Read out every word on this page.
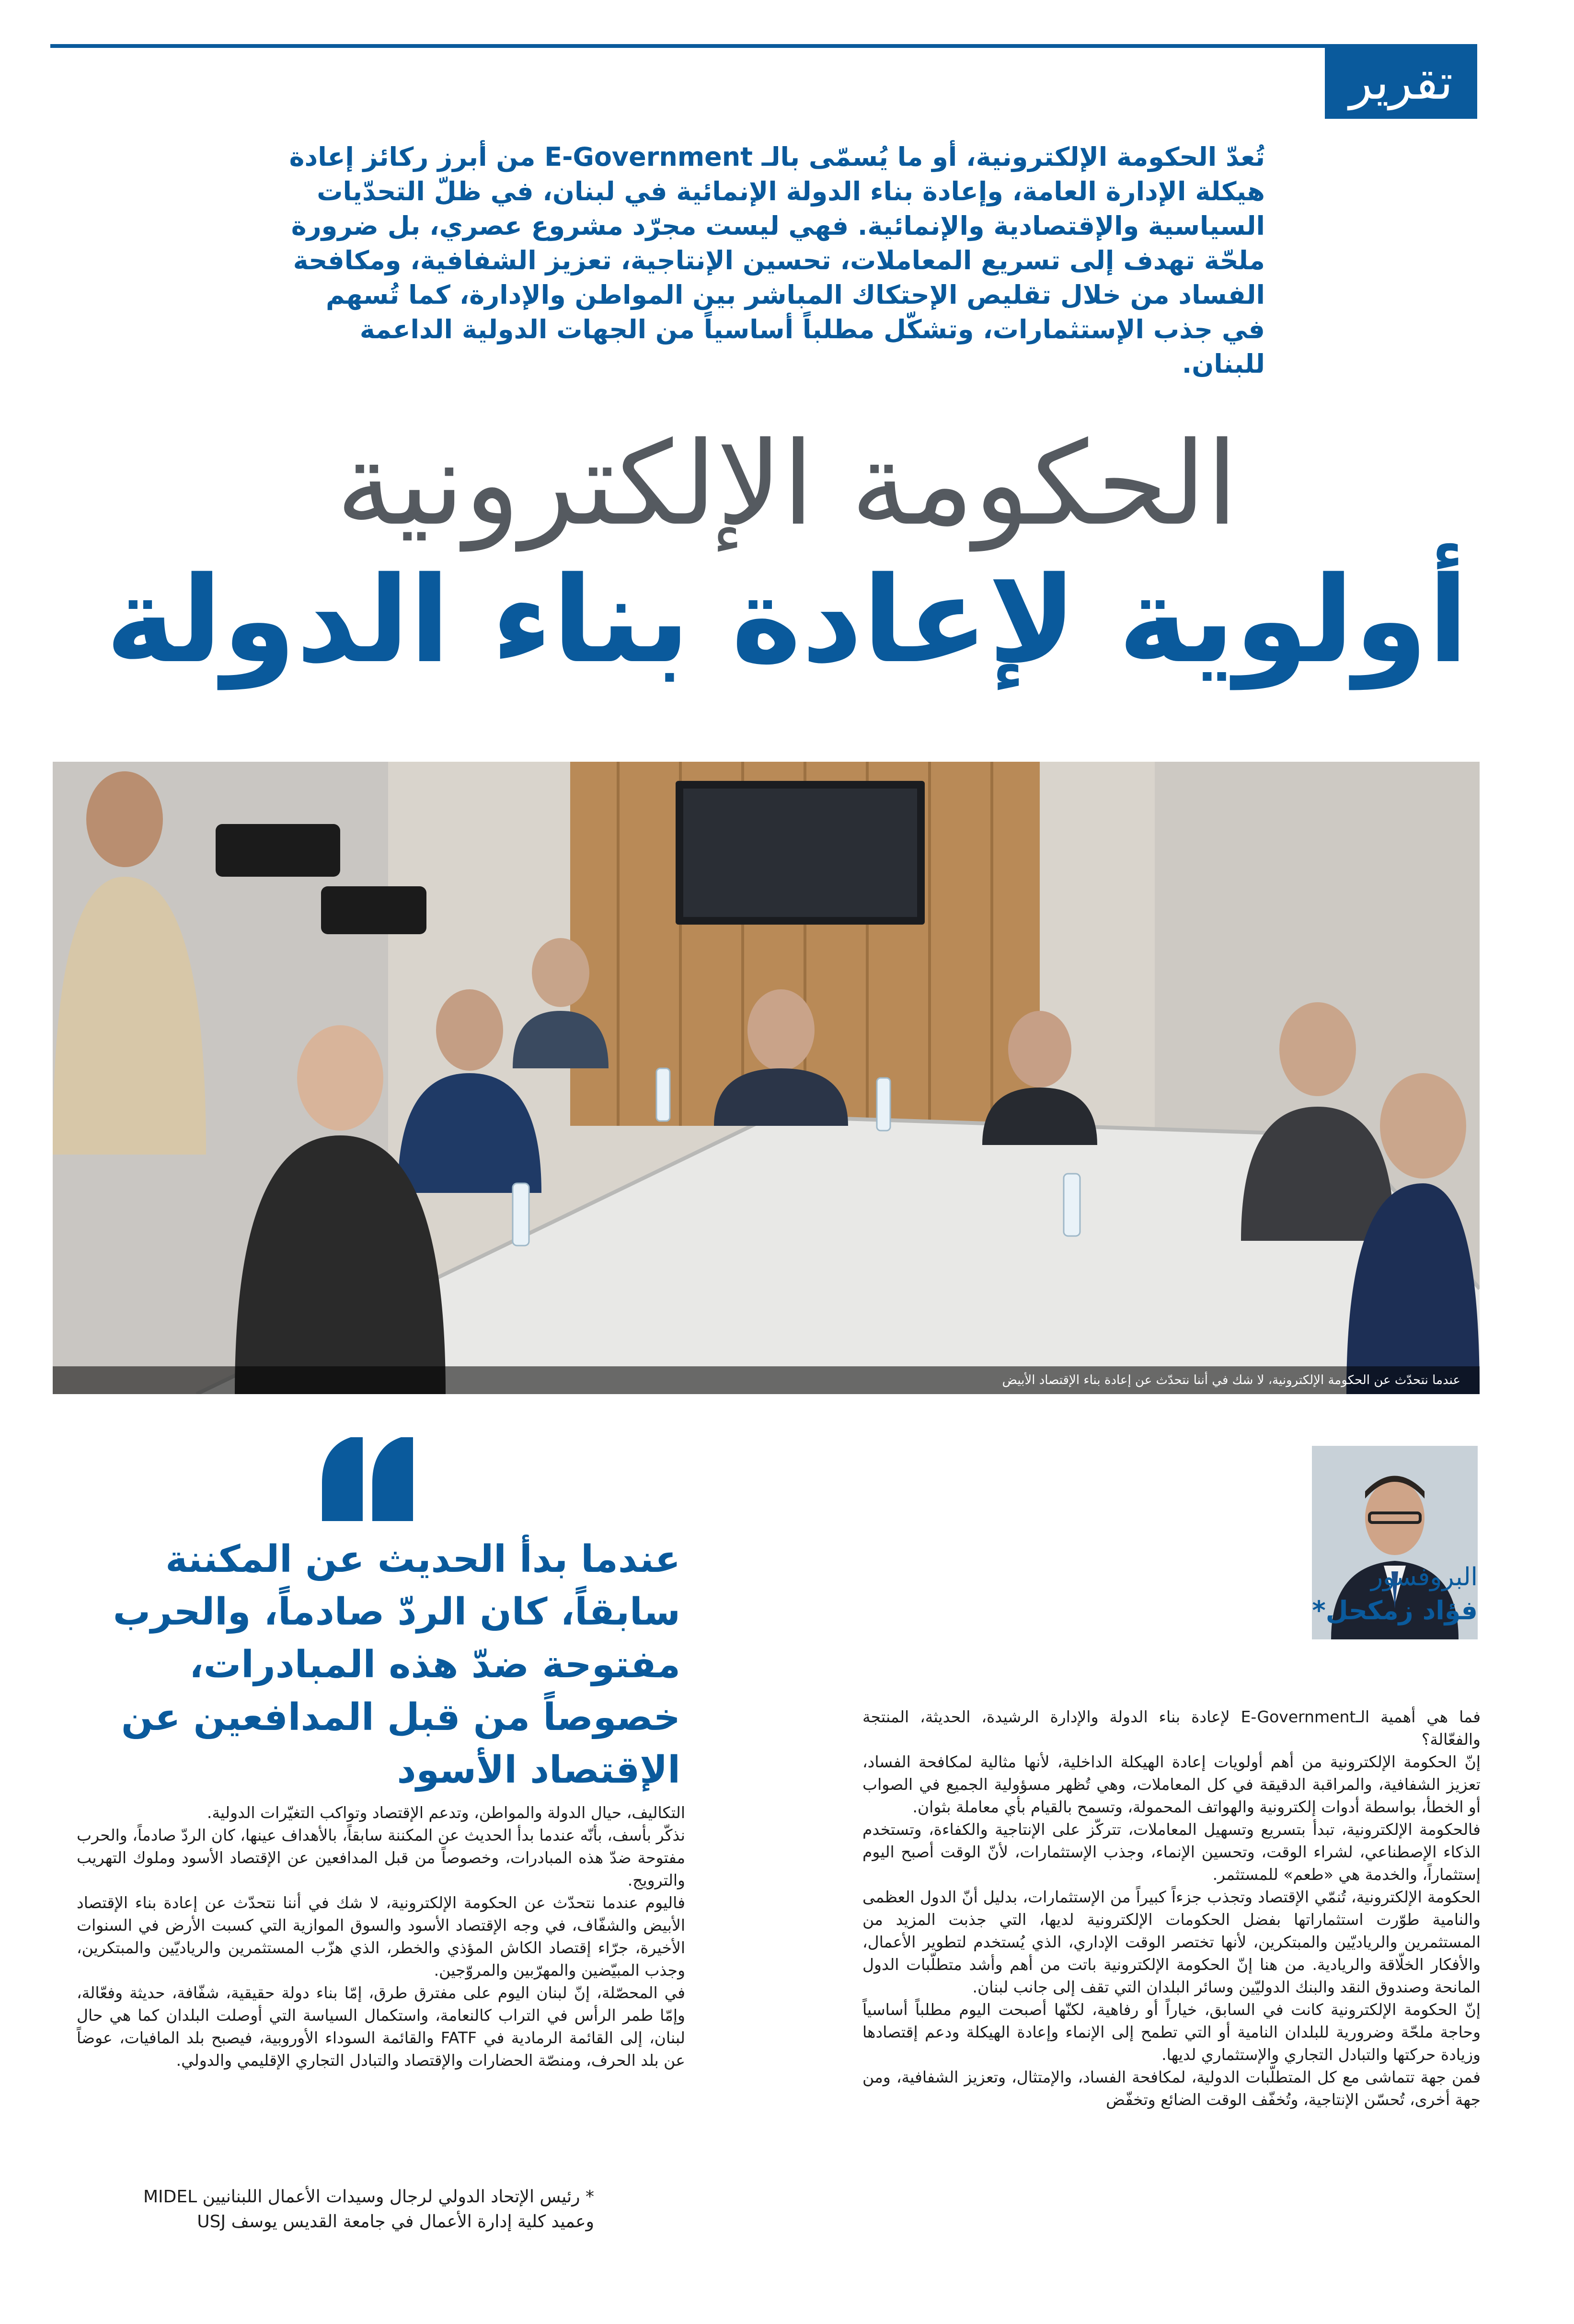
تقرير
تُعدّ الحكومة الإلكترونية، أو ما يُسمّى بالـ E-Government من أبرز ركائز إعادة هيكلة الإدارة العامة، وإعادة بناء الدولة الإنمائية في لبنان، في ظلّ التحدّيات السياسية والإقتصادية والإنمائية. فهي ليست مجرّد مشروع عصري، بل ضرورة ملحّة تهدف إلى تسريع المعاملات، تحسين الإنتاجية، تعزيز الشفافية، ومكافحة الفساد من خلال تقليص الإحتكاك المباشر بين المواطن والإدارة، كما تُسهم في جذب الإستثمارات، وتشكّل مطلباً أساسياً من الجهات الدولية الداعمة للبنان.
الحكومة الإلكترونية
أولوية لإعادة بناء الدولة
عندما نتحدّث عن الحكومة الإلكترونية، لا شك في أننا نتحدّث عن إعادة بناء الإقتصاد الأبيض
عندما بدأ الحديث عن المكننة سابقاً، كان الردّ صادماً، والحرب مفتوحة ضدّ هذه المبادرات، خصوصاً من قبل المدافعين عن الإقتصاد الأسود
البروفسور
فؤاد زمكحل*

فما هي أهمية الـE-Government لإعادة بناء الدولة والإدارة الرشيدة، الحديثة، المنتجة والفعّالة؟

إنّ الحكومة الإلكترونية من أهم أولويات إعادة الهيكلة الداخلية، لأنها مثالية لمكافحة الفساد، تعزيز الشفافية، والمراقبة الدقيقة في كل المعاملات، وهي تُظهر مسؤولية الجميع في الصواب أو الخطأ، بواسطة أدوات إلكترونية والهواتف المحمولة، وتسمح بالقيام بأي معاملة بثوان.

فالحكومة الإلكترونية، تبدأ بتسريع وتسهيل المعاملات، تتركّز على الإنتاجية والكفاءة، وتستخدم الذكاء الإصطناعي، لشراء الوقت، وتحسين الإنماء، وجذب الإستثمارات، لأنّ الوقت أصبح اليوم إستثماراً، والخدمة هي «طعم» للمستثمر.

الحكومة الإلكترونية، تُنمّي الإقتصاد وتجذب جزءاً كبيراً من الإستثمارات، بدليل أنّ الدول العظمى والنامية طوّرت استثماراتها بفضل الحكومات الإلكترونية لديها، التي جذبت المزيد من المستثمرين والرياديّين والمبتكرين، لأنها تختصر الوقت الإداري، الذي يُستخدم لتطوير الأعمال، والأفكار الخلّاقة والريادية. من هنا إنّ الحكومة الإلكترونية باتت من أهم وأشد متطلّبات الدول المانحة وصندوق النقد والبنك الدوليّين وسائر البلدان التي تقف إلى جانب لبنان.

إنّ الحكومة الإلكترونية كانت في السابق، خياراً أو رفاهية، لكنّها أصبحت اليوم مطلباً أساسياً وحاجة ملحّة وضرورية للبلدان النامية أو التي تطمح إلى الإنماء وإعادة الهيكلة ودعم إقتصادها وزيادة حركتها والتبادل التجاري والإستثماري لديها.

فمن جهة تتماشى مع كل المتطلّبات الدولية، لمكافحة الفساد، والإمتثال، وتعزيز الشفافية، ومن جهة أخرى، تُحسّن الإنتاجية، وتُخفّف الوقت الضائع وتخفّض

التكاليف، حيال الدولة والمواطن، وتدعم الإقتصاد وتواكب التغيّرات الدولية.

نذكّر بأسف، بأنّه عندما بدأ الحديث عن المكننة سابقاً، بالأهداف عينها، كان الردّ صادماً، والحرب مفتوحة ضدّ هذه المبادرات، وخصوصاً من قبل المدافعين عن الإقتصاد الأسود وملوك التهريب والترويج.

فاليوم عندما نتحدّث عن الحكومة الإلكترونية، لا شك في أننا نتحدّث عن إعادة بناء الإقتصاد الأبيض والشفّاف، في وجه الإقتصاد الأسود والسوق الموازية التي كسبت الأرض في السنوات الأخيرة، جرّاء إقتصاد الكاش المؤذي والخطر، الذي هزّب المستثمرين والرياديّين والمبتكرين، وجذب المبيّضين والمهرّبين والمروّجين.

في المحصّلة، إنّ لبنان اليوم على مفترق طرق، إمّا بناء دولة حقيقية، شفّافة، حديثة وفعّالة، وإمّا طمر الرأس في التراب كالنعامة، واستكمال السياسة التي أوصلت البلدان كما هي حال لبنان، إلى القائمة الرمادية في FATF والقائمة السوداء الأوروبية، فيصبح بلد المافيات، عوضاً عن بلد الحرف، ومنصّة الحضارات والإقتصاد والتبادل التجاري الإقليمي والدولي.

* رئيس الإتحاد الدولي لرجال وسيدات الأعمال اللبنانيين MIDEL
وعميد كلية إدارة الأعمال في جامعة القديس يوسف USJ
